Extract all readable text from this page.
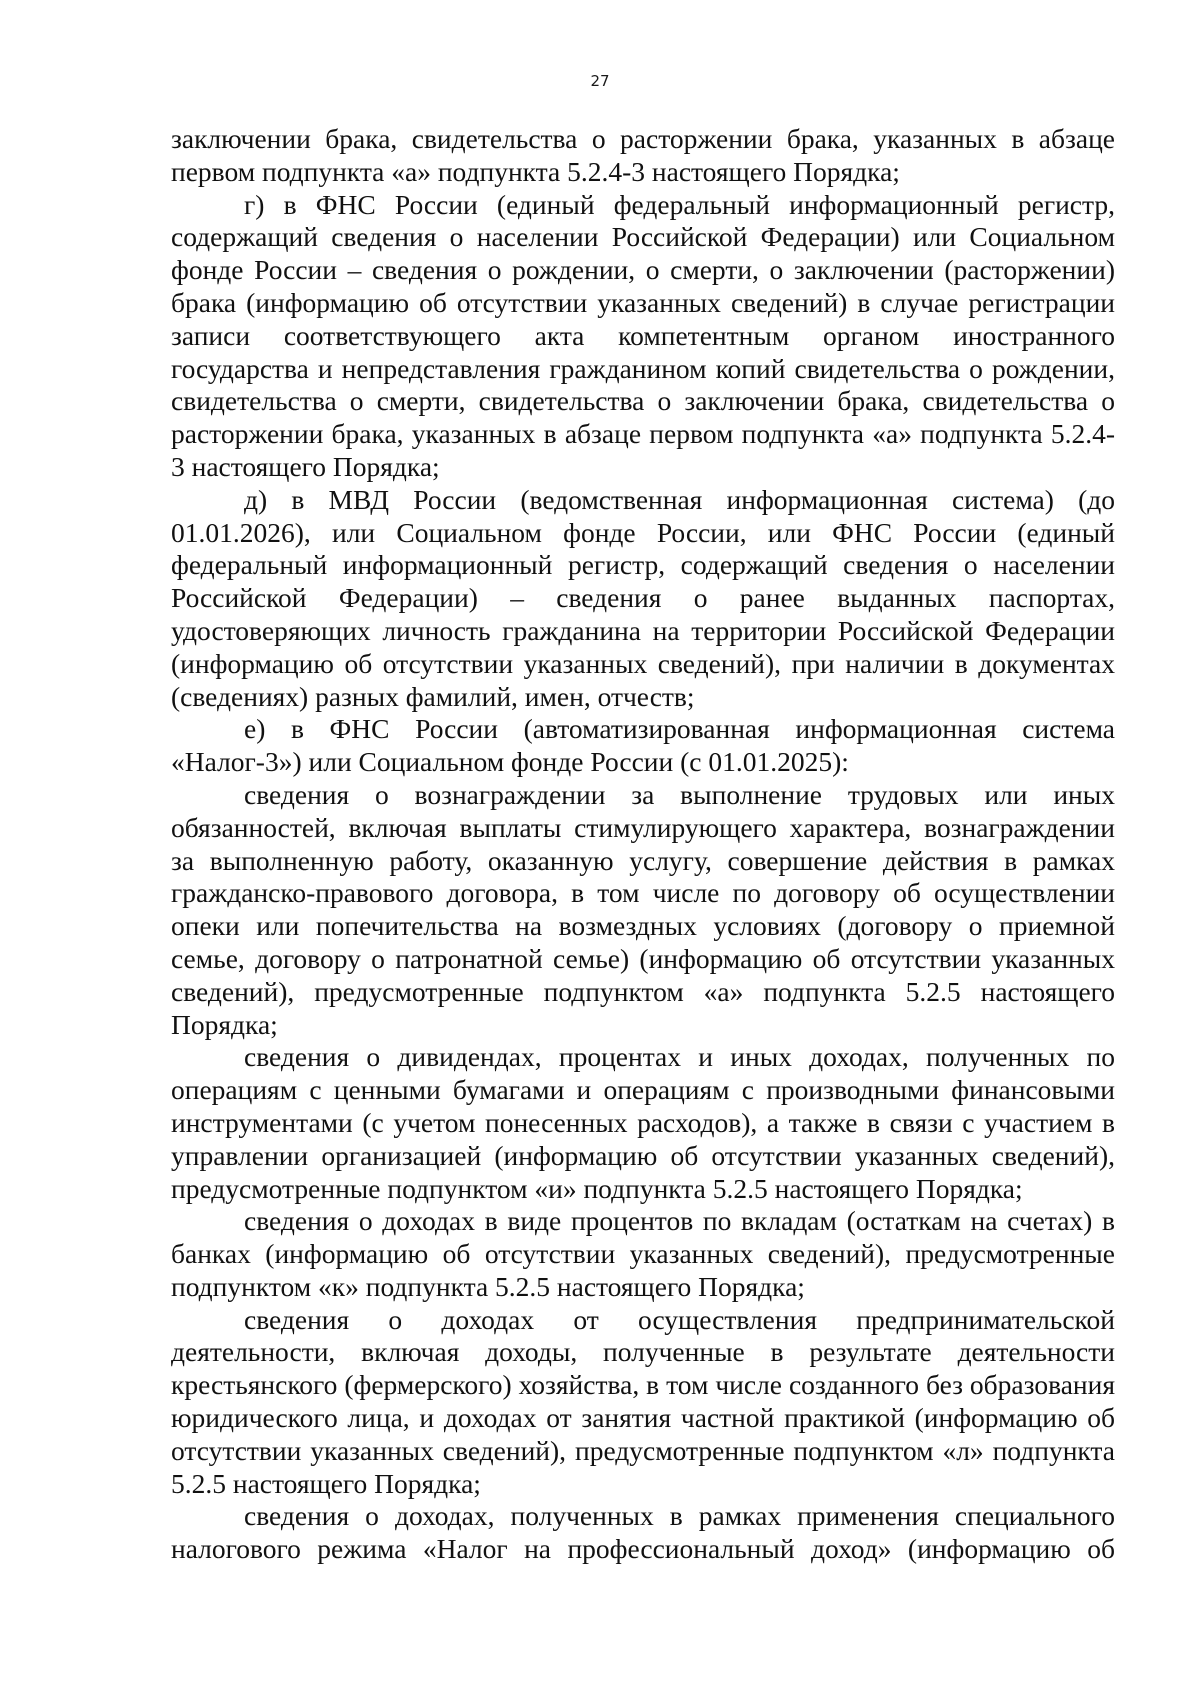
27

заключении брака, свидетельства о расторжении брака, указанных в абзаце первом подпункта «а» подпункта 5.2.4-3 настоящего Порядка;

г) в ФНС России (единый федеральный информационный регистр, содержащий сведения о населении Российской Федерации) или Социальном фонде России – сведения о рождении, о смерти, о заключении (расторжении) брака (информацию об отсутствии указанных сведений) в случае регистрации записи соответствующего акта компетентным органом иностранного государства и непредставления гражданином копий свидетельства о рождении, свидетельства о смерти, свидетельства о заключении брака, свидетельства о расторжении брака, указанных в абзаце первом подпункта «а» подпункта 5.2.4-3 настоящего Порядка;

д) в МВД России (ведомственная информационная система) (до 01.01.2026), или Социальном фонде России, или ФНС России (единый федеральный информационный регистр, содержащий сведения о населении Российской Федерации) – сведения о ранее выданных паспортах, удостоверяющих личность гражданина на территории Российской Федерации (информацию об отсутствии указанных сведений), при наличии в документах (сведениях) разных фамилий, имен, отчеств;

е) в ФНС России (автоматизированная информационная система «Налог-3») или Социальном фонде России (с 01.01.2025):

сведения о вознаграждении за выполнение трудовых или иных обязанностей, включая выплаты стимулирующего характера, вознаграждении за выполненную работу, оказанную услугу, совершение действия в рамках гражданско-правового договора, в том числе по договору об осуществлении опеки или попечительства на возмездных условиях (договору о приемной семье, договору о патронатной семье) (информацию об отсутствии указанных сведений), предусмотренные подпунктом «а» подпункта 5.2.5 настоящего Порядка;

сведения о дивидендах, процентах и иных доходах, полученных по операциям с ценными бумагами и операциям с производными финансовыми инструментами (с учетом понесенных расходов), а также в связи с участием в управлении организацией (информацию об отсутствии указанных сведений), предусмотренные подпунктом «и» подпункта 5.2.5 настоящего Порядка;

сведения о доходах в виде процентов по вкладам (остаткам на счетах) в банках (информацию об отсутствии указанных сведений), предусмотренные подпунктом «к» подпункта 5.2.5 настоящего Порядка;

сведения о доходах от осуществления предпринимательской деятельности, включая доходы, полученные в результате деятельности крестьянского (фермерского) хозяйства, в том числе созданного без образования юридического лица, и доходах от занятия частной практикой (информацию об отсутствии указанных сведений), предусмотренные подпунктом «л» подпункта 5.2.5 настоящего Порядка;

сведения о доходах, полученных в рамках применения специального налогового режима «Налог на профессиональный доход» (информацию об
